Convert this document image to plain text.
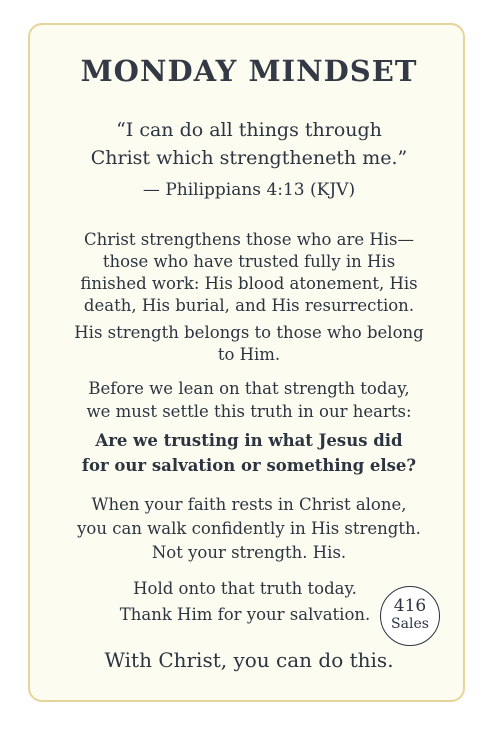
MONDAY MINDSET
“I can do all things through
Christ which strengtheneth me.”
— Philippians 4:13 (KJV)
Christ strengthens those who are His—
those who have trusted fully in His
finished work: His blood atonement, His
death, His burial, and His resurrection.
His strength belongs to those who belong
to Him.
Before we lean on that strength today,
we must settle this truth in our hearts:
Are we trusting in what Jesus did
for our salvation or something else?
When your faith rests in Christ alone,
you can walk confidently in His strength.
Not your strength. His.
Hold onto that truth today.
Thank Him for your salvation.	416
Sales
With Christ, you can do this.
